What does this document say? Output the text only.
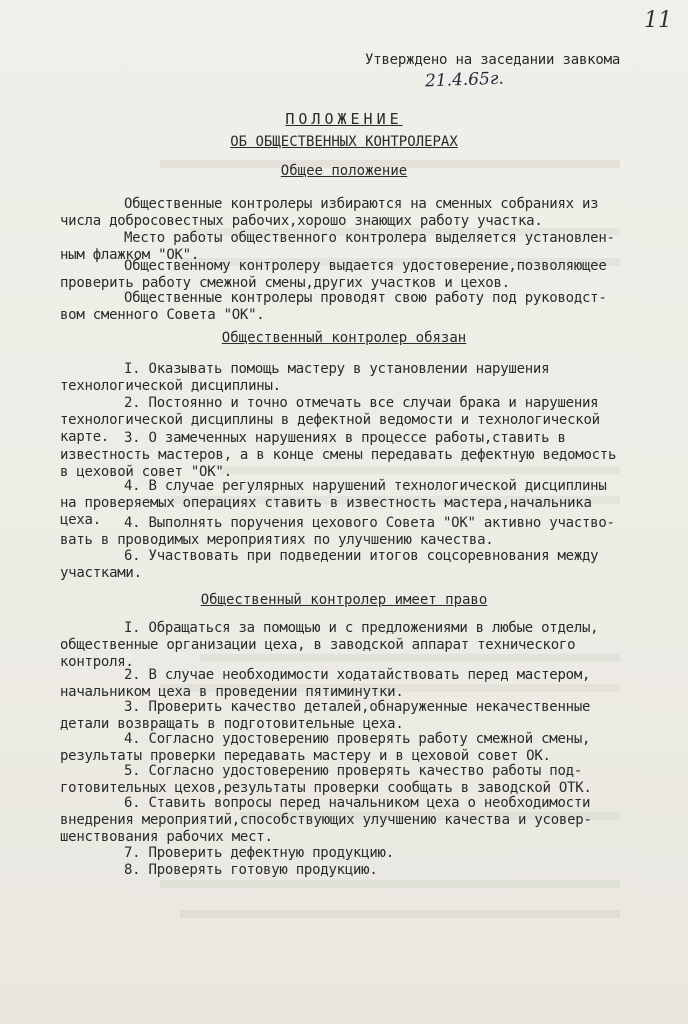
11
Утверждено на заседании завкома
21.4.65г.
ПОЛОЖЕНИЕ
ОБ ОБЩЕСТВЕННЫХ КОНТРОЛЕРАХ
Общее положение
Общественные контролеры избираются на сменных собраниях из
числа добросовестных рабочих,хорошо знающих работу участка.
Место работы общественного контролера выделяется установлен-
ным флажком "ОК".
Общественному контролеру выдается удостоверение,позволяющее
проверить работу смежной смены,других участков и цехов.
Общественные контролеры проводят свою работу под руководст-
вом сменного Совета "ОК".
Общественный контролер обязан
I. Оказывать помощь мастеру в установлении нарушения
технологической дисциплины.
2. Постоянно и точно отмечать все случаи брака и нарушения
технологической дисциплины в дефектной ведомости и технологической
карте.	3. О замеченных нарушениях в процессе работы,ставить в
известность мастеров, а в конце смены передавать дефектную ведомость
в цеховой совет "ОК".
4. В случае регулярных нарушений технологической дисциплины
на проверяемых операциях ставить в известность мастера,начальника
цеха.	4. Выполнять поручения цехового Совета "ОК" активно участво-
вать в проводимых мероприятиях по улучшению качества.
6. Участвовать при подведении итогов соцсоревнования между
участками.
Общественный контролер имеет право
I. Обращаться за помощью и с предложениями в любые отделы,
общественные организации цеха, в заводской аппарат технического
контроля.
2. В случае необходимости ходатайствовать перед мастером,
начальником цеха в проведении пятиминутки.
3. Проверить качество деталей,обнаруженные некачественные
детали возвращать в подготовительные цеха.
4. Согласно удостоверению проверять работу смежной смены,
результаты проверки передавать мастеру и в цеховой совет ОК.
5. Согласно удостоверению проверять качество работы под-
готовительных цехов,результаты проверки сообщать в заводской ОТК.
6. Ставить вопросы перед начальником цеха о необходимости
внедрения мероприятий,способствующих улучшению качества и усовер-
шенствования рабочих мест.
7. Проверить дефектную продукцию.
8. Проверять готовую продукцию.
